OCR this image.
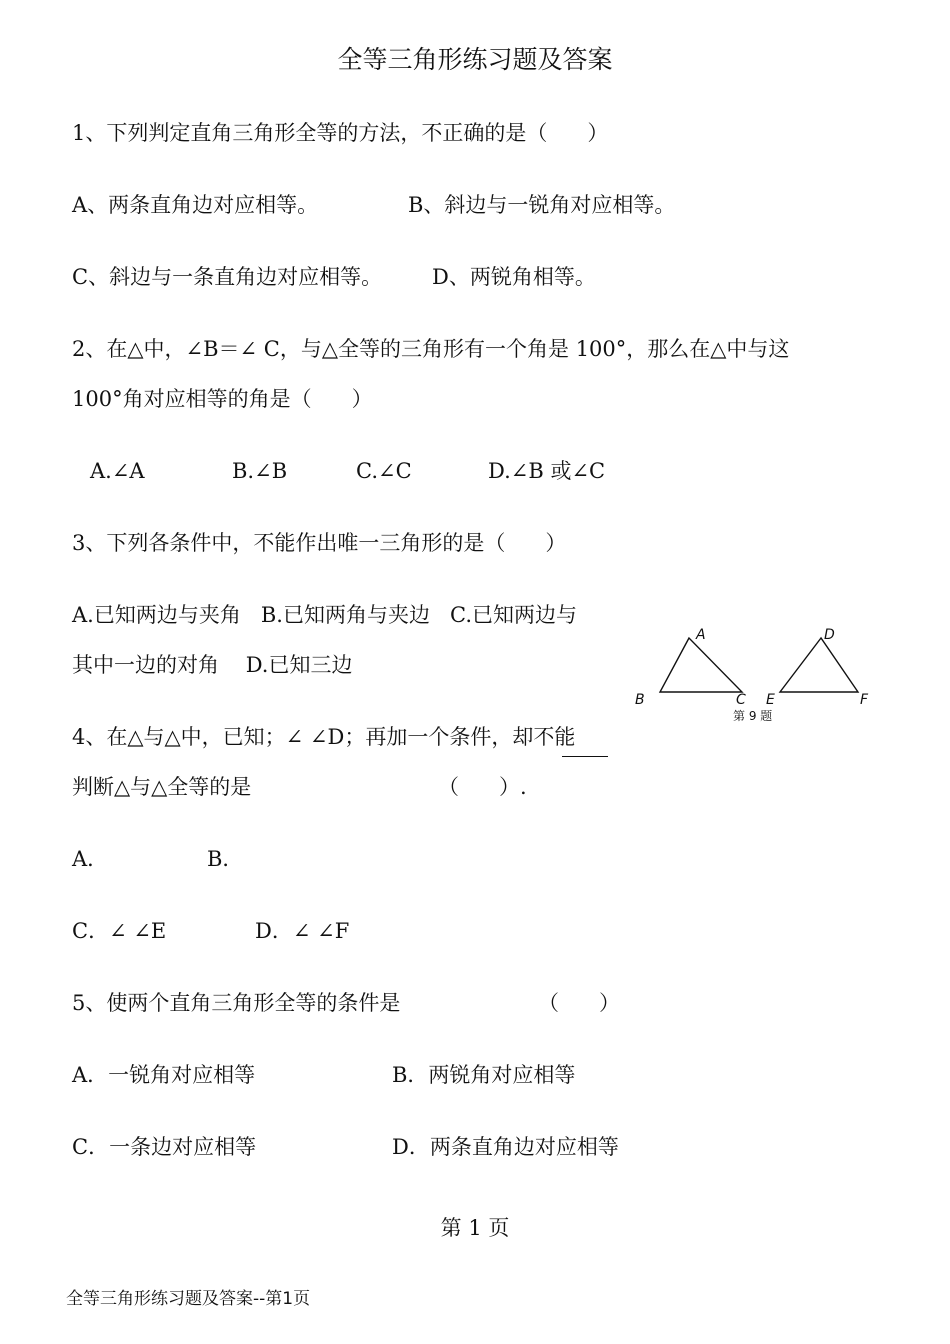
全等三角形练习题及答案
1、下列判定直角三角形全等的方法，不正确的是（      ）
A、两条直角边对应相等。	B、斜边与一锐角对应相等。
C、斜边与一条直角边对应相等。 D、两锐角相等。
2、在△中，∠B＝∠ C，与△全等的三角形有一个角是 100°，那么在△中与这
100°角对应相等的角是（      ）
A.∠A	B.∠B	C.∠C	D.∠B 或∠C
3、下列各条件中，不能作出唯一三角形的是（      ）
A.已知两边与夹角   B.已知两角与夹边   C.已知两边与
其中一边的对角    D.已知三边
A
B	C
D
E	F
第 9 题
4、在△与△中，已知；∠ ∠D；再加一个条件，却不能
判断△与△全等的是	（      ）.
A．	B．
C．∠ ∠E	D．∠ ∠F
5、使两个直角三角形全等的条件是	（      ）
A．一锐角对应相等	B．两锐角对应相等
C．一条边对应相等	D．两条直角边对应相等
第 1 页
全等三角形练习题及答案--第1页
